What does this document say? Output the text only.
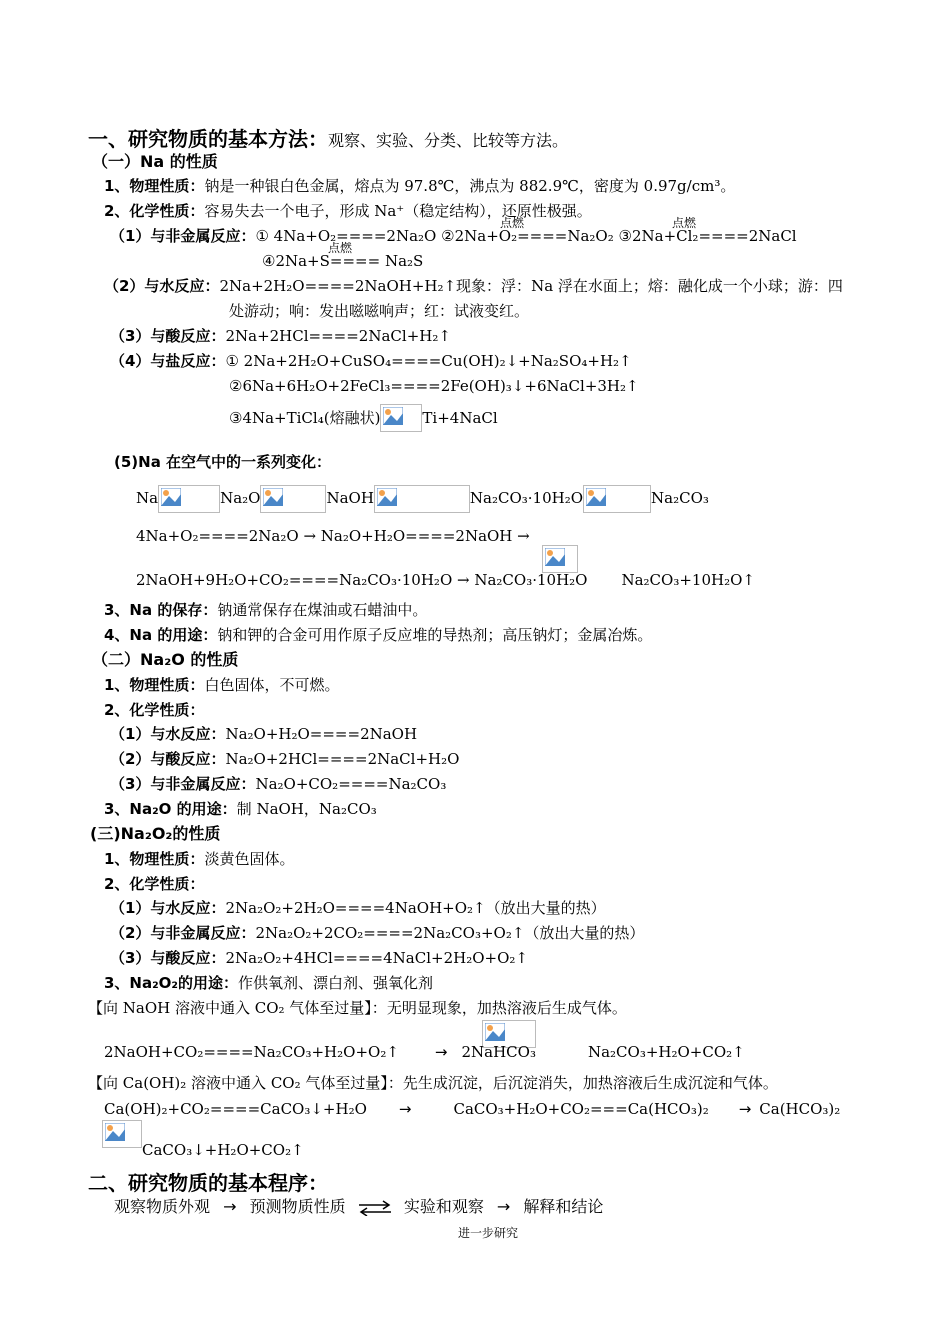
一、研究物质的基本方法：观察、实验、分类、比较等方法。
（一）Na 的性质
1、物理性质：钠是一种银白色金属，熔点为 97.8℃，沸点为 882.9℃，密度为 0.97g/cm³。
2、化学性质：容易失去一个电子，形成 Na⁺（稳定结构），还原性极强。
点燃	点燃
（1）与非金属反应：① 4Na+O₂====2Na₂O ②2Na+O₂====Na₂O₂ ③2Na+Cl₂====2NaCl
点燃
④2Na+S==== Na₂S
（2）与水反应：2Na+2H₂O====2NaOH+H₂↑现象：浮：Na 浮在水面上；熔：融化成一个小球；游：四
处游动；响：发出嗞嗞响声；红：试液变红。
（3）与酸反应：2Na+2HCl====2NaCl+H₂↑
（4）与盐反应：① 2Na+2H₂O+CuSO₄====Cu(OH)₂↓+Na₂SO₄+H₂↑
②6Na+6H₂O+2FeCl₃====2Fe(OH)₃↓+6NaCl+3H₂↑
③4Na+TiCl₄(熔融状)	Ti+4NaCl
(5)Na 在空气中的一系列变化：
Na	Na₂O	NaOH	Na₂CO₃·10H₂O	Na₂CO₃
4Na+O₂====2Na₂O → Na₂O+H₂O====2NaOH →
2NaOH+9H₂O+CO₂====Na₂CO₃·10H₂O → Na₂CO₃·10H₂O Na₂CO₃+10H₂O↑
3、Na 的保存：钠通常保存在煤油或石蜡油中。
4、Na 的用途：钠和钾的合金可用作原子反应堆的导热剂；高压钠灯；金属冶炼。
（二）Na₂O 的性质
1、物理性质：白色固体，不可燃。
2、化学性质：
（1）与水反应：Na₂O+H₂O====2NaOH
（2）与酸反应：Na₂O+2HCl====2NaCl+H₂O
（3）与非金属反应：Na₂O+CO₂====Na₂CO₃
3、Na₂O 的用途：制 NaOH，Na₂CO₃
(三)Na₂O₂的性质
1、物理性质：淡黄色固体。
2、化学性质：
（1）与水反应：2Na₂O₂+2H₂O====4NaOH+O₂↑（放出大量的热）
（2）与非金属反应：2Na₂O₂+2CO₂====2Na₂CO₃+O₂↑（放出大量的热）
（3）与酸反应：2Na₂O₂+4HCl====4NaCl+2H₂O+O₂↑
3、Na₂O₂的用途：作供氧剂、漂白剂、强氧化剂
【向 NaOH 溶液中通入 CO₂ 气体至过量】：无明显现象，加热溶液后生成气体。
2NaOH+CO₂====Na₂CO₃+H₂O+O₂↑ → 2NaHCO₃	Na₂CO₃+H₂O+CO₂↑
【向 Ca(OH)₂ 溶液中通入 CO₂ 气体至过量】：先生成沉淀，后沉淀消失，加热溶液后生成沉淀和气体。
Ca(OH)₂+CO₂====CaCO₃↓+H₂O →	CaCO₃+H₂O+CO₂===Ca(HCO₃)₂ → Ca(HCO₃)₂
CaCO₃↓+H₂O+CO₂↑
二、研究物质的基本程序：
观察物质外观 → 预测物质性质	实验和观察 → 解释和结论
进一步研究
